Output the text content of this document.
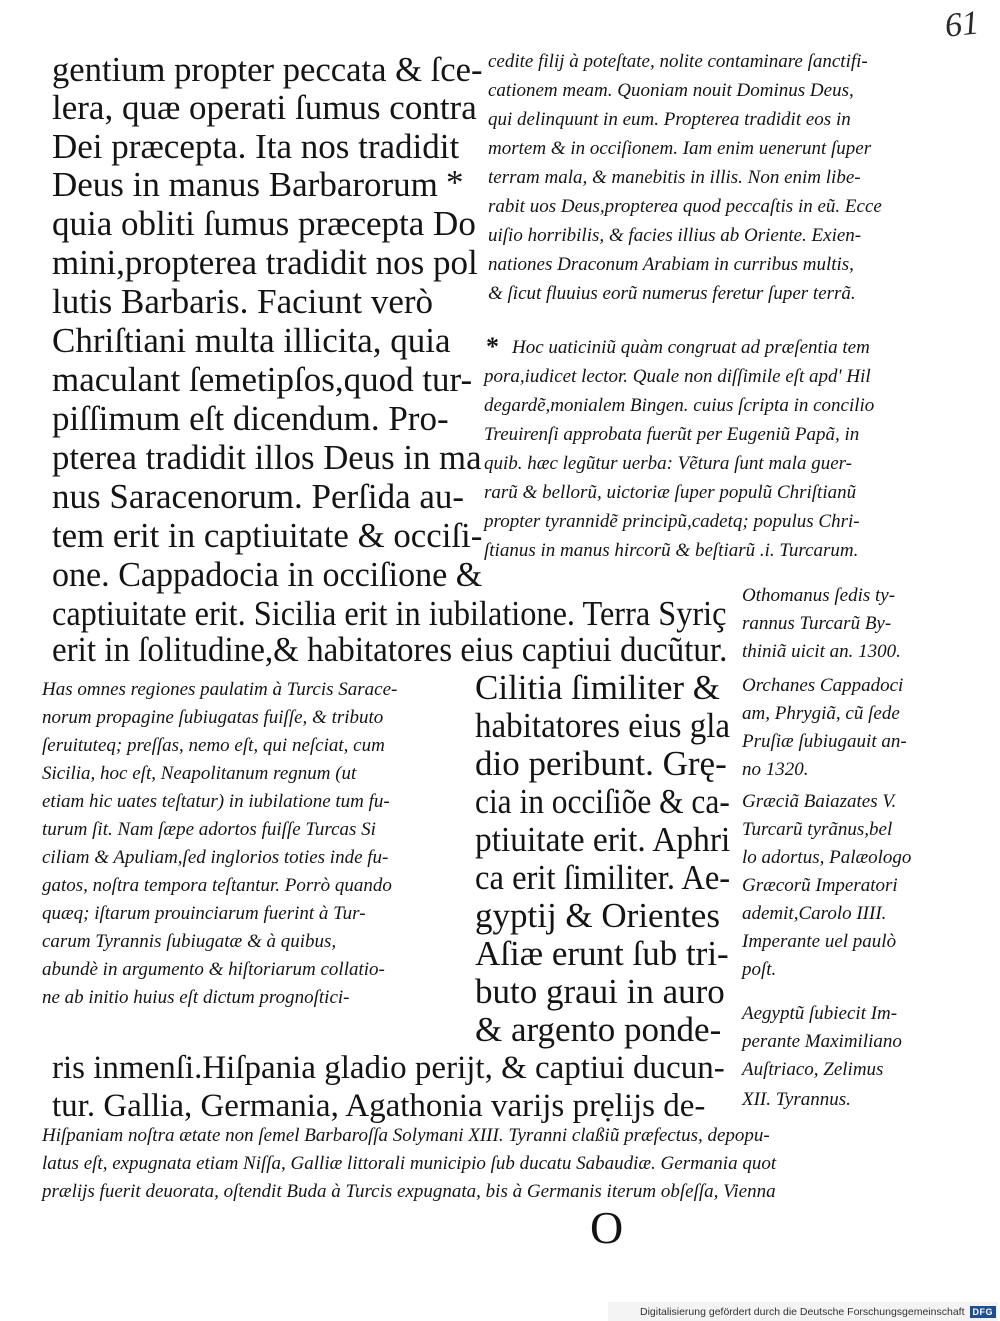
61
gentium propter peccata & ſce-
lera, quæ operati ſumus contra
Dei præcepta. Ita nos tradidit
Deus in manus Barbarorum *
quia obliti ſumus præcepta Do
mini,propterea tradidit nos pol
lutis Barbaris. Faciunt verò
Chriſtiani multa illicita, quia
maculant ſemetipſos,quod tur-
piſſimum eſt dicendum. Pro-
pterea tradidit illos Deus in ma
nus Saracenorum. Perſida au-
tem erit in captiuitate & occiſi-
one. Cappadocia in occiſione &
captiuitate erit. Sicilia erit in iubilatione. Terra Syriç
erit in ſolitudine,& habitatores eius captiui ducũtur.
Cilitia ſimiliter &
habitatores eius gla
dio peribunt. Grę-
cia in occiſiõe & ca-
ptiuitate erit. Aphri
ca erit ſimiliter. Ae-
gyptij & Orientes
Aſiæ erunt ſub tri-
buto graui in auro
& argento ponde-
ris inmenſi.Hiſpania gladio perijt, & captiui ducun-
tur. Gallia, Germania, Agathonia varijs prẹlijs de-
cedite filij à poteſtate, nolite contaminare ſanctifi-
cationem meam. Quoniam nouit Dominus Deus,
qui delinquunt in eum. Propterea tradidit eos in
mortem & in occiſionem. Iam enim uenerunt ſuper
terram mala, & manebitis in illis. Non enim libe-
rabit uos Deus,propterea quod peccaſtis in eũ. Ecce
uiſio horribilis, & facies illius ab Oriente. Exien-
nationes Draconum Arabiam in curribus multis,
& ſicut fluuius eorũ numerus feretur ſuper terrã.
* Hoc uaticiniũ quàm congruat ad præſentia tem
pora,iudicet lector. Quale non diſſimile eſt apd' Hil
degardẽ,monialem Bingen. cuius ſcripta in concilio
Treuirenſi approbata fuerũt per Eugeniũ Papã, in
quib. hæc legũtur uerba: Vẽtura ſunt mala guer-
rarũ & bellorũ, uictoriæ ſuper populũ Chriſtianũ
propter tyrannidẽ principũ,cadetq; populus Chri-
ſtianus in manus hircorũ & beſtiarũ .i. Turcarum.
Othomanus ſedis ty-
rannus Turcarũ By-
thiniã uicit an. 1300.
Orchanes Cappadoci
am, Phrygiã, cũ ſede
Pruſiæ ſubiugauit an-
no 1320.
Græciã Baiazates V.
Turcarũ tyrãnus,bel
lo adortus, Palæologo
Græcorũ Imperatori
ademit,Carolo IIII.
Imperante uel paulò
poſt.
Aegyptũ ſubiecit Im-
perante Maximiliano
Auſtriaco, Zelimus
XII. Tyrannus.
Has omnes regiones paulatim à Turcis Sarace-
norum propagine ſubiugatas fuiſſe, & tributo
ſeruituteq; preſſas, nemo eſt, qui neſciat, cum
Sicilia, hoc eſt, Neapolitanum regnum (ut
etiam hic uates teſtatur) in iubilatione tum fu-
turum ſit. Nam ſæpe adortos fuiſſe Turcas Si
ciliam & Apuliam,ſed inglorios toties inde fu-
gatos, noſtra tempora teſtantur. Porrò quando
quæq; iſtarum prouinciarum fuerint à Tur-
carum Tyrannis ſubiugatæ & à quibus,
abundè in argumento & hiſtoriarum collatio-
ne ab initio huius eſt dictum prognoſtici-
Hiſpaniam noſtra ætate non ſemel Barbaroſſa Solymani XIII. Tyranni claßiũ præfectus, depopu-
latus eſt, expugnata etiam Niſſa, Galliæ littorali municipio ſub ducatu Sabaudiæ. Germania quot
prælijs fuerit deuorata, oſtendit Buda à Turcis expugnata, bis à Germanis iterum obſeſſa, Vienna
O
Digitalisierung gefördert durch die Deutsche Forschungsgemeinschaft DFG
